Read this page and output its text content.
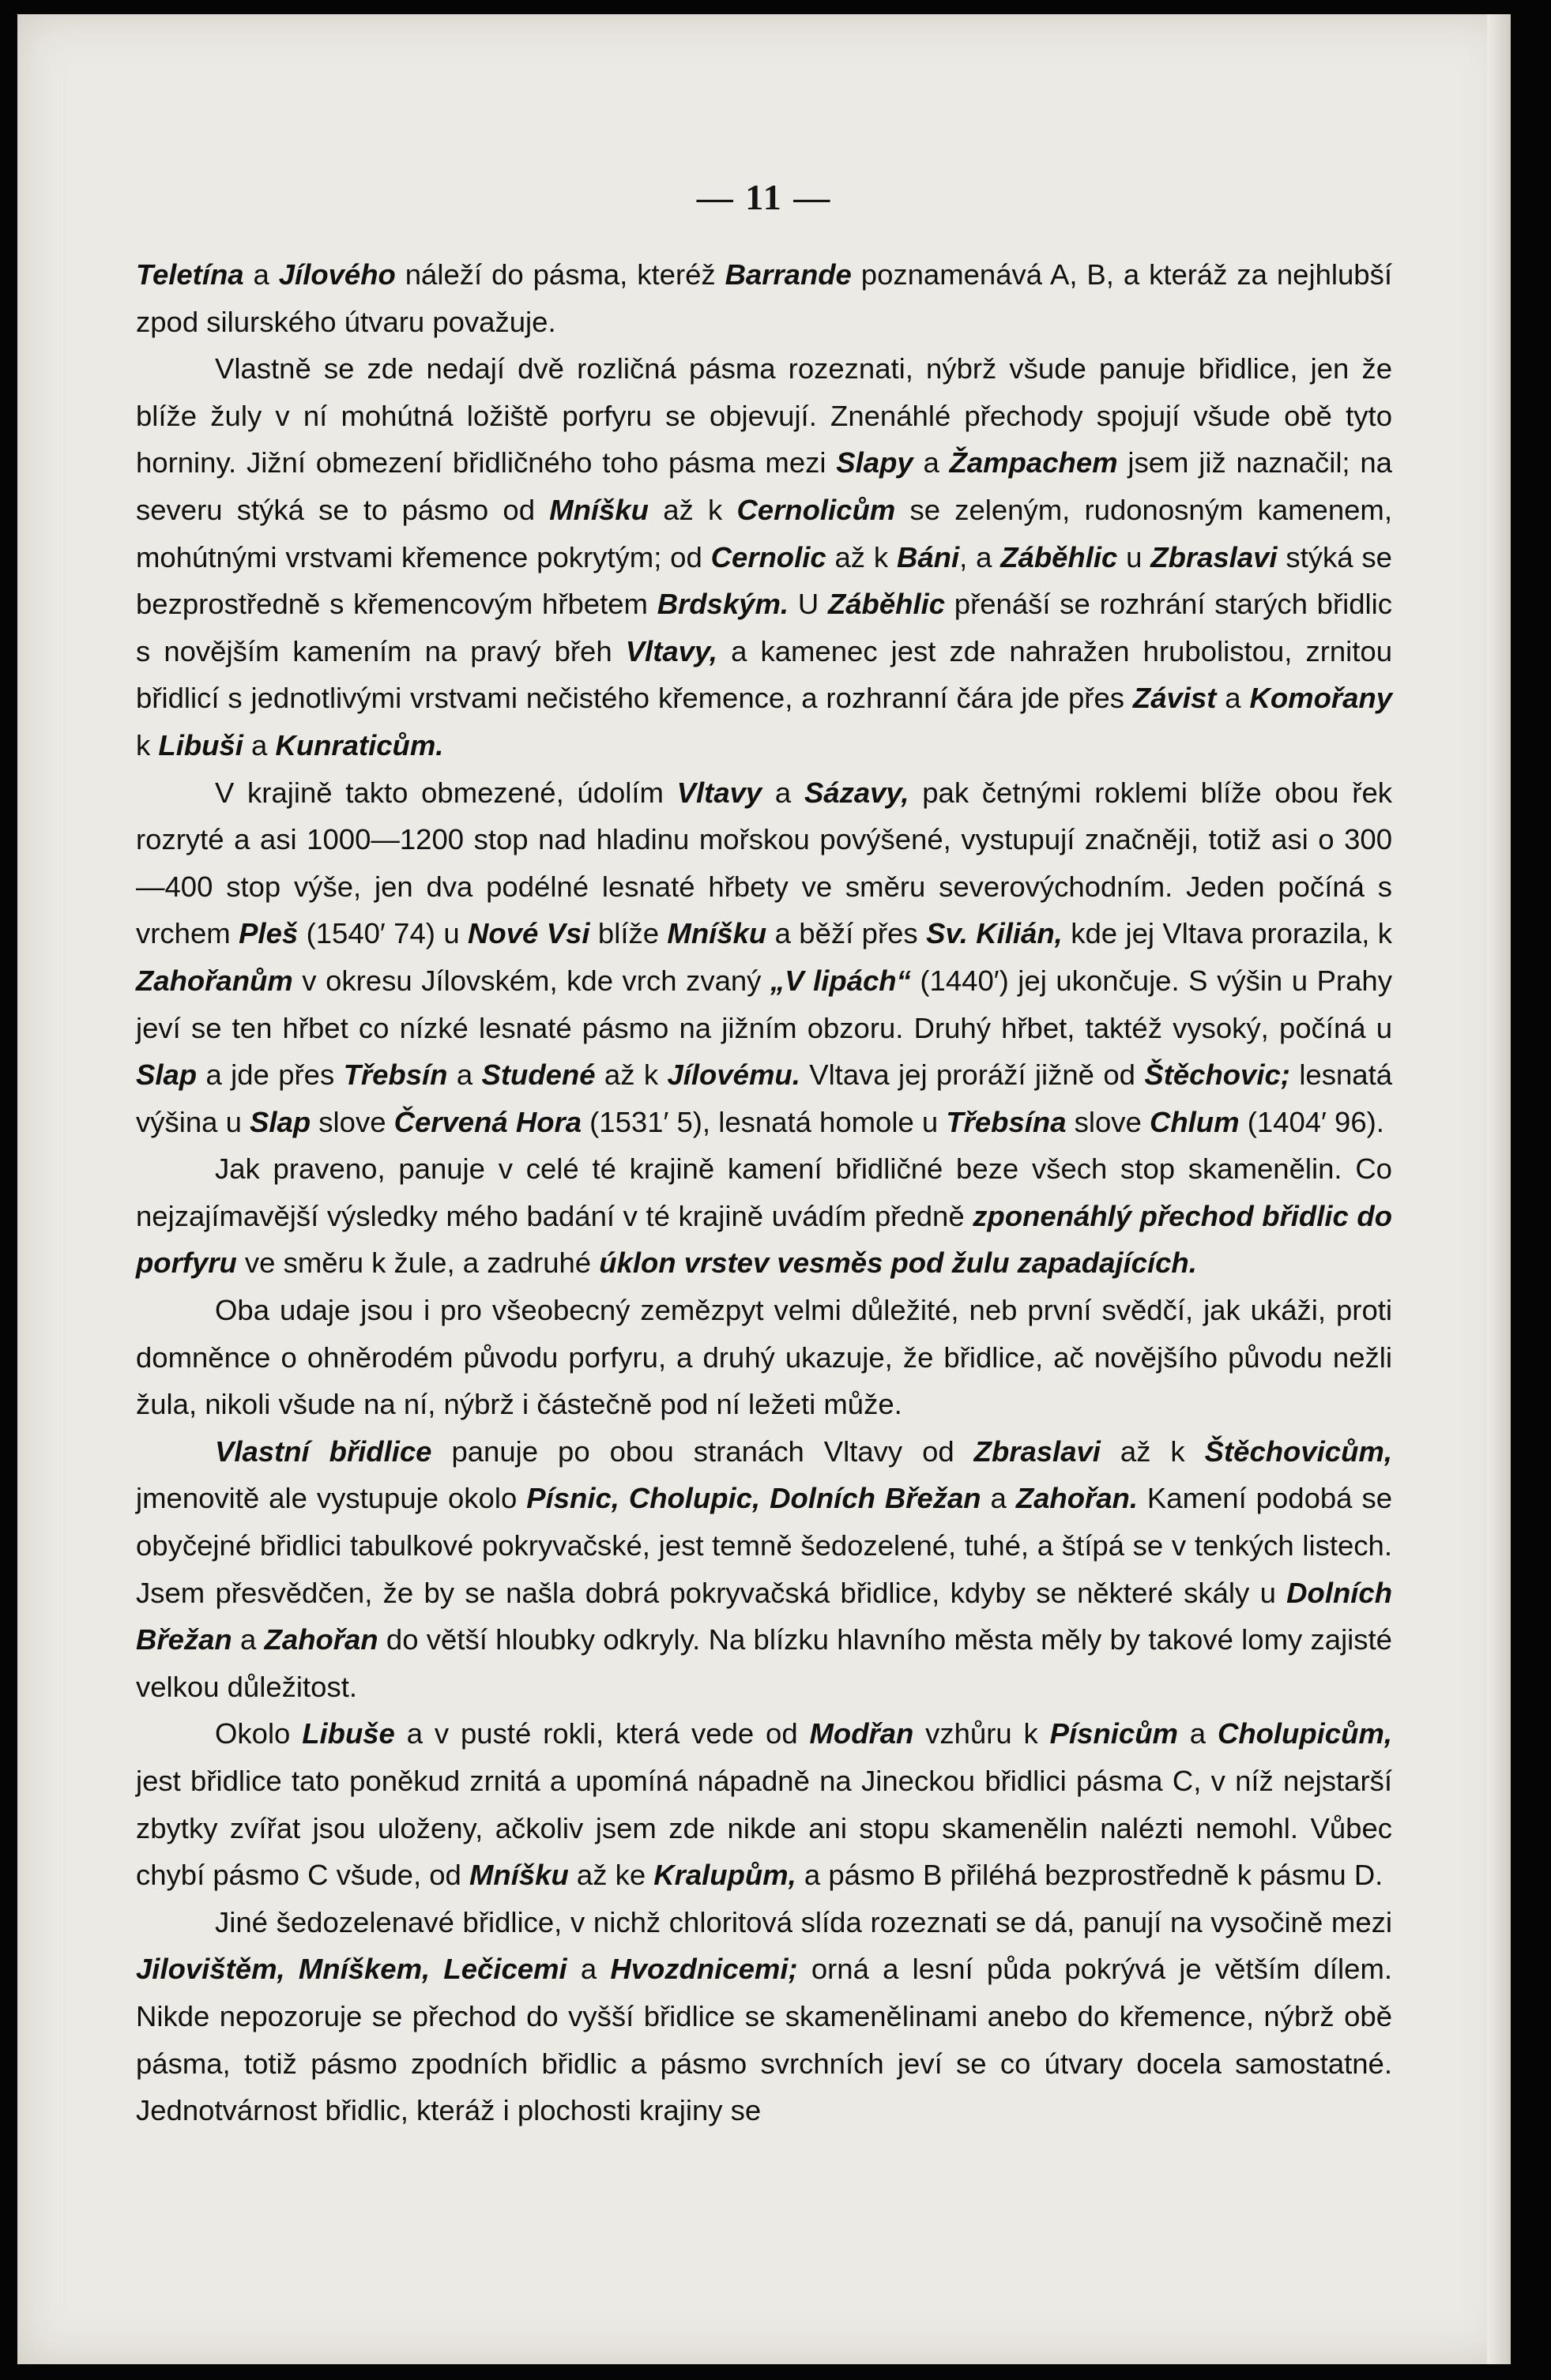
— 11 —

Teletína a Jílového náleží do pásma, kteréž Barrande poznamenává A, B, a kteráž za nejhlubší zpod silurského útvaru považuje.

Vlastně se zde nedají dvě rozličná pásma rozeznati, nýbrž všude panuje břidlice, jen že blíže žuly v ní mohútná ložiště porfyru se objevují. Znenáhlé přechody spojují všude obě tyto horniny. Jižní obmezení břidličného toho pásma mezi Slapy a Žampachem jsem již naznačil; na severu stýká se to pásmo od Mníšku až k Cernolicům se zeleným, rudonosným kamenem, mohútnými vrstvami křemence pokrytým; od Cernolic až k Báni, a Záběhlic u Zbraslavi stýká se bezprostředně s křemencovým hřbetem Brdským. U Záběhlic přenáší se rozhrání starých břidlic s novějším kamením na pravý břeh Vltavy, a kamenec jest zde nahražen hrubolistou, zrnitou břidlicí s jednotlivými vrstvami nečistého křemence, a rozhranní čára jde přes Závist a Komořany k Libuši a Kunraticům.

V krajině takto obmezené, údolím Vltavy a Sázavy, pak četnými roklemi blíže obou řek rozryté a asi 1000—1200 stop nad hladinu mořskou povýšené, vystupují značněji, totiž asi o 300—400 stop výše, jen dva podélné lesnaté hřbety ve směru severovýchodním. Jeden počíná s vrchem Pleš (1540′ 74) u Nové Vsi blíže Mníšku a běží přes Sv. Kilián, kde jej Vltava prorazila, k Zahořanům v okresu Jílovském, kde vrch zvaný „V lipách“ (1440′) jej ukončuje. S výšin u Prahy jeví se ten hřbet co nízké lesnaté pásmo na jižním obzoru. Druhý hřbet, taktéž vysoký, počíná u Slap a jde přes Třebsín a Studené až k Jílovému. Vltava jej proráží jižně od Štěchovic; lesnatá výšina u Slap slove Červená Hora (1531′ 5), lesnatá homole u Třebsína slove Chlum (1404′ 96).

Jak praveno, panuje v celé té krajině kamení břidličné beze všech stop skamenělin. Co nejzajímavější výsledky mého badání v té krajině uvádím předně zponenáhlý přechod břidlic do porfyru ve směru k žule, a zadruhé úklon vrstev vesměs pod žulu zapadajících.

Oba udaje jsou i pro všeobecný zemězpyt velmi důležité, neb první svědčí, jak ukáži, proti domněnce o ohněrodém původu porfyru, a druhý ukazuje, že břidlice, ač novějšího původu nežli žula, nikoli všude na ní, nýbrž i částečně pod ní ležeti může.

Vlastní břidlice panuje po obou stranách Vltavy od Zbraslavi až k Štěchovicům, jmenovitě ale vystupuje okolo Písnic, Cholupic, Dolních Břežan a Zahořan. Kamení podobá se obyčejné břidlici tabulkové pokryvačské, jest temně šedozelené, tuhé, a štípá se v tenkých listech. Jsem přesvědčen, že by se našla dobrá pokryvačská břidlice, kdyby se některé skály u Dolních Břežan a Zahořan do větší hloubky odkryly. Na blízku hlavního města měly by takové lomy zajisté velkou důležitost.

Okolo Libuše a v pusté rokli, která vede od Modřan vzhůru k Písnicům a Cholupicům, jest břidlice tato poněkud zrnitá a upomíná nápadně na Jineckou břidlici pásma C, v níž nejstarší zbytky zvířat jsou uloženy, ačkoliv jsem zde nikde ani stopu skamenělin nalézti nemohl. Vůbec chybí pásmo C všude, od Mníšku až ke Kralupům, a pásmo B přiléhá bezprostředně k pásmu D.

Jiné šedozelenavé břidlice, v nichž chloritová slída rozeznati se dá, panují na vysočině mezi Jilovištěm, Mníškem, Lečicemi a Hvozdnicemi; orná a lesní půda pokrývá je větším dílem. Nikde nepozoruje se přechod do vyšší břidlice se skamenělinami anebo do křemence, nýbrž obě pásma, totiž pásmo zpodních břidlic a pásmo svrchních jeví se co útvary docela samostatné. Jednotvárnost břidlic, kteráž i plochosti krajiny se
